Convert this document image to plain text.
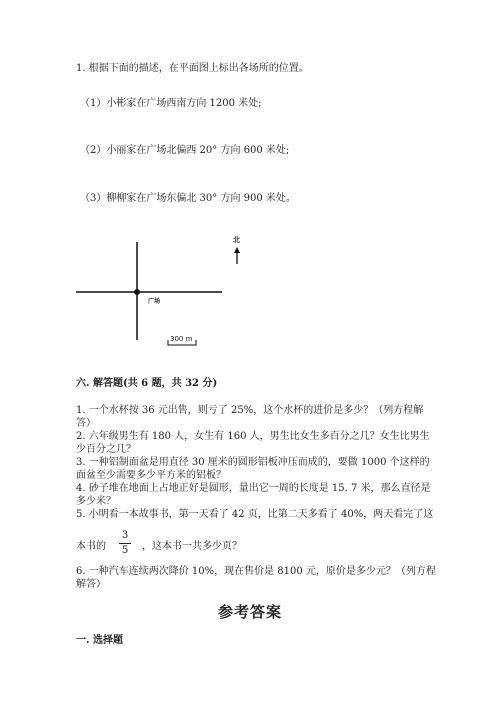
1. 根据下面的描述，在平面图上标出各场所的位置。
（1）小彬家在广场西南方向 1200 米处;
（2）小丽家在广场北偏西 20° 方向 600 米处;
（3）柳柳家在广场东偏北 30° 方向 900 米处。
北
广场
300 m
六. 解答题(共 6 题，共 32 分)
1. 一个水杯按 36 元出售，则亏了 25%，这个水杯的进价是多少？（列方程解
答）
2. 六年级男生有 180 人，女生有 160 人，男生比女生多百分之几？女生比男生
少百分之几？
3. 一种铝制面盆是用直径 30 厘米的圆形铝板冲压而成的，要做 1000 个这样的
面盆至少需要多少平方米的铝板？
4. 砂子堆在地面上占地正好是圆形，量出它一周的长度是 15. 7 米，那么直径是
多少米？
5. 小明看一本故事书，第一天看了 42 页，比第二天多看了 40%，两天看完了这
本书的
3
5	，这本书一共多少页？
6. 一种汽车连续两次降价 10%，现在售价是 8100 元，原价是多少元？（列方程
解答）
参考答案
一. 选择题
